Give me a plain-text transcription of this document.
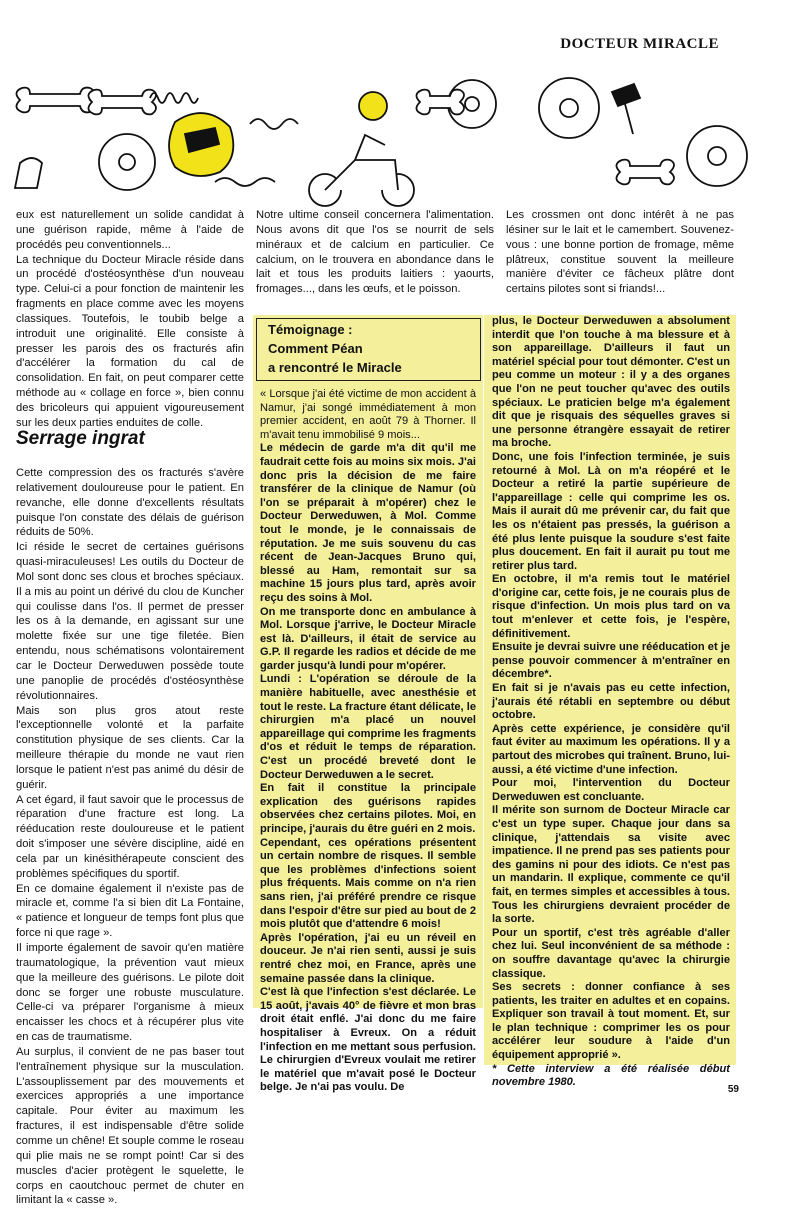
DOCTEUR MIRACLE

eux est naturellement un solide candidat à une guérison rapide, même à l'aide de procédés peu conventionnels...

La technique du Docteur Miracle réside dans un procédé d'ostéosynthèse d'un nouveau type. Celui-ci a pour fonction de maintenir les fragments en place comme avec les moyens classiques. Toutefois, le toubib belge a introduit une originalité. Elle consiste à presser les parois des os fracturés afin d'accélérer la formation du cal de consolidation. En fait, on peut comparer cette méthode au « collage en force », bien connu des bricoleurs qui appuient vigoureusement sur les deux parties enduites de colle.

Serrage ingrat

Cette compression des os fracturés s'avère relativement douloureuse pour le patient. En revanche, elle donne d'excellents résultats puisque l'on constate des délais de guérison réduits de 50%.

Ici réside le secret de certaines guérisons quasi-miraculeuses! Les outils du Docteur de Mol sont donc ses clous et broches spéciaux. Il a mis au point un dérivé du clou de Kuncher qui coulisse dans l'os. Il permet de presser les os à la demande, en agissant sur une molette fixée sur une tige filetée. Bien entendu, nous schématisons volontairement car le Docteur Derweduwen possède toute une panoplie de procédés d'ostéosynthèse révolutionnaires.

Mais son plus gros atout reste l'exceptionnelle volonté et la parfaite constitution physique de ses clients. Car la meilleure thérapie du monde ne vaut rien lorsque le patient n'est pas animé du désir de guérir.

A cet égard, il faut savoir que le processus de réparation d'une fracture est long. La rééducation reste douloureuse et le patient doit s'imposer une sévère discipline, aidé en cela par un kinésithérapeute conscient des problèmes spécifiques du sportif.

En ce domaine également il n'existe pas de miracle et, comme l'a si bien dit La Fontaine, « patience et longueur de temps font plus que force ni que rage ».

Il importe également de savoir qu'en matière traumatologique, la prévention vaut mieux que la meilleure des guérisons. Le pilote doit donc se forger une robuste musculature. Celle-ci va préparer l'organisme à mieux encaisser les chocs et à récupérer plus vite en cas de traumatisme.

Au surplus, il convient de ne pas baser tout l'entraînement physique sur la musculation. L'assouplissement par des mouvements et exercices appropriés a une importance capitale. Pour éviter au maximum les fractures, il est indispensable d'être solide comme un chêne! Et souple comme le roseau qui plie mais ne se rompt point! Car si des muscles d'acier protègent le squelette, le corps en caoutchouc permet de chuter en limitant la « casse ».

Notre ultime conseil concernera l'alimentation. Nous avons dit que l'os se nourrit de sels minéraux et de calcium en particulier. Ce calcium, on le trouvera en abondance dans le lait et tous les produits laitiers : yaourts, fromages..., dans les œufs, et le poisson.

Les crossmen ont donc intérêt à ne pas lésiner sur le lait et le camembert. Souvenez-vous : une bonne portion de fromage, même plâtreux, constitue souvent la meilleure manière d'éviter ce fâcheux plâtre dont certains pilotes sont si friands!...

Témoignage :
Comment Péan
a rencontré le Miracle

« Lorsque j'ai été victime de mon accident à Namur, j'ai songé immédiatement à mon premier accident, en août 79 à Thorner. Il m'avait tenu immobilisé 9 mois...

Le médecin de garde m'a dit qu'il me faudrait cette fois au moins six mois. J'ai donc pris la décision de me faire transférer de la clinique de Namur (où l'on se préparait à m'opérer) chez le Docteur Derweduwen, à Mol. Comme tout le monde, je le connaissais de réputation. Je me suis souvenu du cas récent de Jean-Jacques Bruno qui, blessé au Ham, remontait sur sa machine 15 jours plus tard, après avoir reçu des soins à Mol.

On me transporte donc en ambulance à Mol. Lorsque j'arrive, le Docteur Miracle est là. D'ailleurs, il était de service au G.P. Il regarde les radios et décide de me garder jusqu'à lundi pour m'opérer.

Lundi : L'opération se déroule de la manière habituelle, avec anesthésie et tout le reste. La fracture étant délicate, le chirurgien m'a placé un nouvel appareillage qui comprime les fragments d'os et réduit le temps de réparation. C'est un procédé breveté dont le Docteur Derweduwen a le secret.

En fait il constitue la principale explication des guérisons rapides observées chez certains pilotes. Moi, en principe, j'aurais du être guéri en 2 mois.

Cependant, ces opérations présentent un certain nombre de risques. Il semble que les problèmes d'infections soient plus fréquents. Mais comme on n'a rien sans rien, j'ai préféré prendre ce risque dans l'espoir d'être sur pied au bout de 2 mois plutôt que d'attendre 6 mois!

Après l'opération, j'ai eu un réveil en douceur. Je n'ai rien senti, aussi je suis rentré chez moi, en France, après une semaine passée dans la clinique.

C'est là que l'infection s'est déclarée. Le 15 août, j'avais 40° de fièvre et mon bras droit était enflé. J'ai donc du me faire hospitaliser à Evreux. On a réduit l'infection en me mettant sous perfusion. Le chirurgien d'Evreux voulait me retirer le matériel que m'avait posé le Docteur belge. Je n'ai pas voulu. De

plus, le Docteur Derweduwen a absolument interdit que l'on touche à ma blessure et à son appareillage. D'ailleurs il faut un matériel spécial pour tout démonter. C'est un peu comme un moteur : il y a des organes que l'on ne peut toucher qu'avec des outils spéciaux. Le praticien belge m'a également dit que je risquais des séquelles graves si une personne étrangère essayait de retirer ma broche.

Donc, une fois l'infection terminée, je suis retourné à Mol. Là on m'a réopéré et le Docteur a retiré la partie supérieure de l'appareillage : celle qui comprime les os. Mais il aurait dû me prévenir car, du fait que les os n'étaient pas pressés, la guérison a été plus lente puisque la soudure s'est faite plus doucement. En fait il aurait pu tout me retirer plus tard.

En octobre, il m'a remis tout le matériel d'origine car, cette fois, je ne courais plus de risque d'infection. Un mois plus tard on va tout m'enlever et cette fois, je l'espère, définitivement.

Ensuite je devrai suivre une rééducation et je pense pouvoir commencer à m'entraîner en décembre*.

En fait si je n'avais pas eu cette infection, j'aurais été rétabli en septembre ou début octobre.

Après cette expérience, je considère qu'il faut éviter au maximum les opérations. Il y a partout des microbes qui traînent. Bruno, lui-aussi, a été victime d'une infection.

Pour moi, l'intervention du Docteur Derweduwen est concluante.

Il mérite son surnom de Docteur Miracle car c'est un type super. Chaque jour dans sa clinique, j'attendais sa visite avec impatience. Il ne prend pas ses patients pour des gamins ni pour des idiots. Ce n'est pas un mandarin. Il explique, commente ce qu'il fait, en termes simples et accessibles à tous. Tous les chirurgiens devraient procéder de la sorte.

Pour un sportif, c'est très agréable d'aller chez lui. Seul inconvénient de sa méthode : on souffre davantage qu'avec la chirurgie classique.

Ses secrets : donner confiance à ses patients, les traiter en adultes et en copains. Expliquer son travail à tout moment. Et, sur le plan technique : comprimer les os pour accélérer leur soudure à l'aide d'un équipement approprié ».

* Cette interview a été réalisée début novembre 1980.

59
